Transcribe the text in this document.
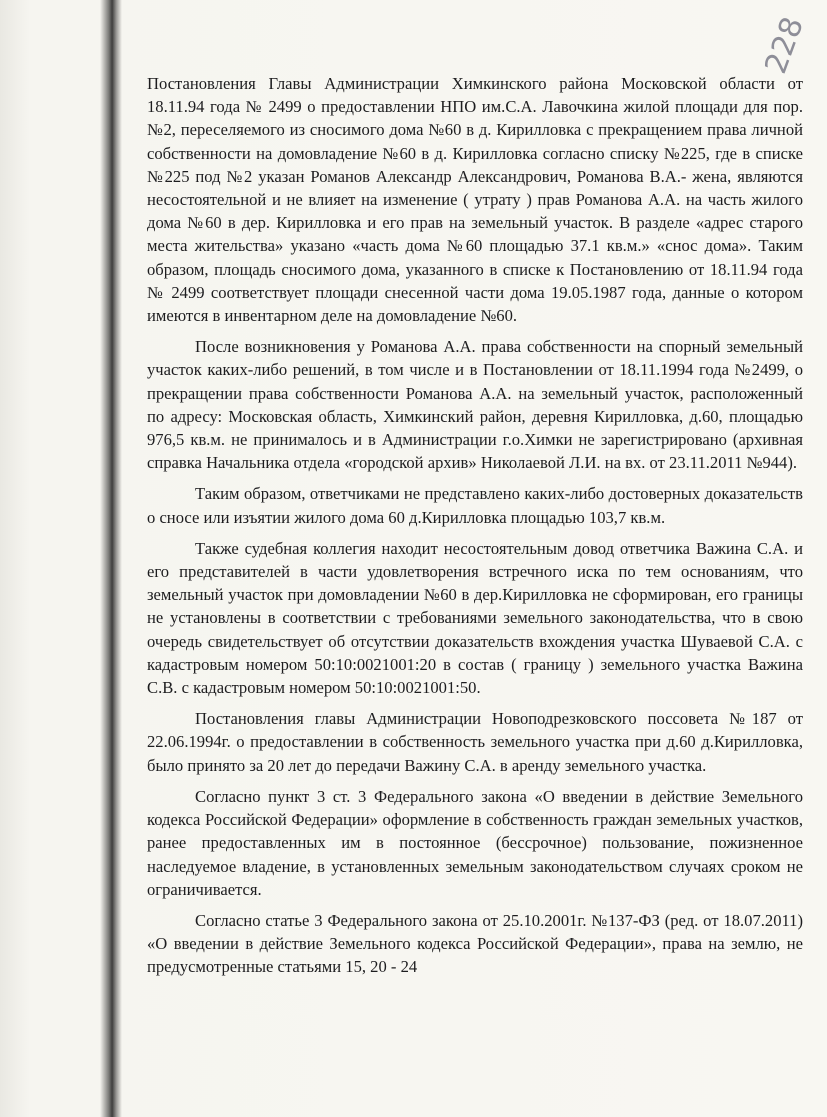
228

Постановления Главы Администрации Химкинского района Московской области от 18.11.94 года № 2499 о предоставлении НПО им.С.А. Лавочкина жилой площади для пор.№2, переселяемого из сносимого дома №60 в д. Кирилловка с прекращением права личной собственности на домовладение №60 в д. Кирилловка согласно списку №225, где в списке №225 под №2 указан Романов Александр Александрович, Романова В.А.- жена, являются несостоятельной и не влияет на изменение ( утрату ) прав Романова А.А. на часть жилого дома №60 в дер. Кирилловка и его прав на земельный участок. В разделе «адрес старого места жительства» указано «часть дома №60 площадью 37.1 кв.м.» «снос дома». Таким образом, площадь сносимого дома, указанного в списке к Постановлению от 18.11.94 года № 2499 соответствует площади снесенной части дома 19.05.1987 года, данные о котором имеются в инвентарном деле на домовладение №60.

После возникновения у Романова А.А. права собственности на спорный земельный участок каких-либо решений, в том числе и в Постановлении от 18.11.1994 года №2499, о прекращении права собственности Романова А.А. на земельный участок, расположенный по адресу: Московская область, Химкинский район, деревня Кирилловка, д.60, площадью 976,5 кв.м. не принималось и в Администрации г.о.Химки не зарегистрировано (архивная справка Начальника отдела «городской архив» Николаевой Л.И. на вх. от 23.11.2011 №944).

Таким образом, ответчиками не представлено каких-либо достоверных доказательств о сносе или изъятии жилого дома 60 д.Кирилловка площадью 103,7 кв.м.

Также судебная коллегия находит несостоятельным довод ответчика Важина С.А. и его представителей в части удовлетворения встречного иска по тем основаниям, что земельный участок при домовладении №60 в дер.Кирилловка не сформирован, его границы не установлены в соответствии с требованиями земельного законодательства, что в свою очередь свидетельствует об отсутствии доказательств вхождения участка Шуваевой С.А. с кадастровым номером 50:10:0021001:20 в состав ( границу ) земельного участка Важина С.В. с кадастровым номером 50:10:0021001:50.

Постановления главы Администрации Новоподрезковского поссовета №187 от 22.06.1994г. о предоставлении в собственность земельного участка при д.60 д.Кирилловка, было принято за 20 лет до передачи Важину С.А. в аренду земельного участка.

Согласно пункт 3 ст. 3 Федерального закона «О введении в действие Земельного кодекса Российской Федерации» оформление в собственность граждан земельных участков, ранее предоставленных им в постоянное (бессрочное) пользование, пожизненное наследуемое владение, в установленных земельным законодательством случаях сроком не ограничивается.

Согласно статье 3 Федерального закона от 25.10.2001г. №137-ФЗ (ред. от 18.07.2011) «О введении в действие Земельного кодекса Российской Федерации», права на землю, не предусмотренные статьями 15, 20 - 24
